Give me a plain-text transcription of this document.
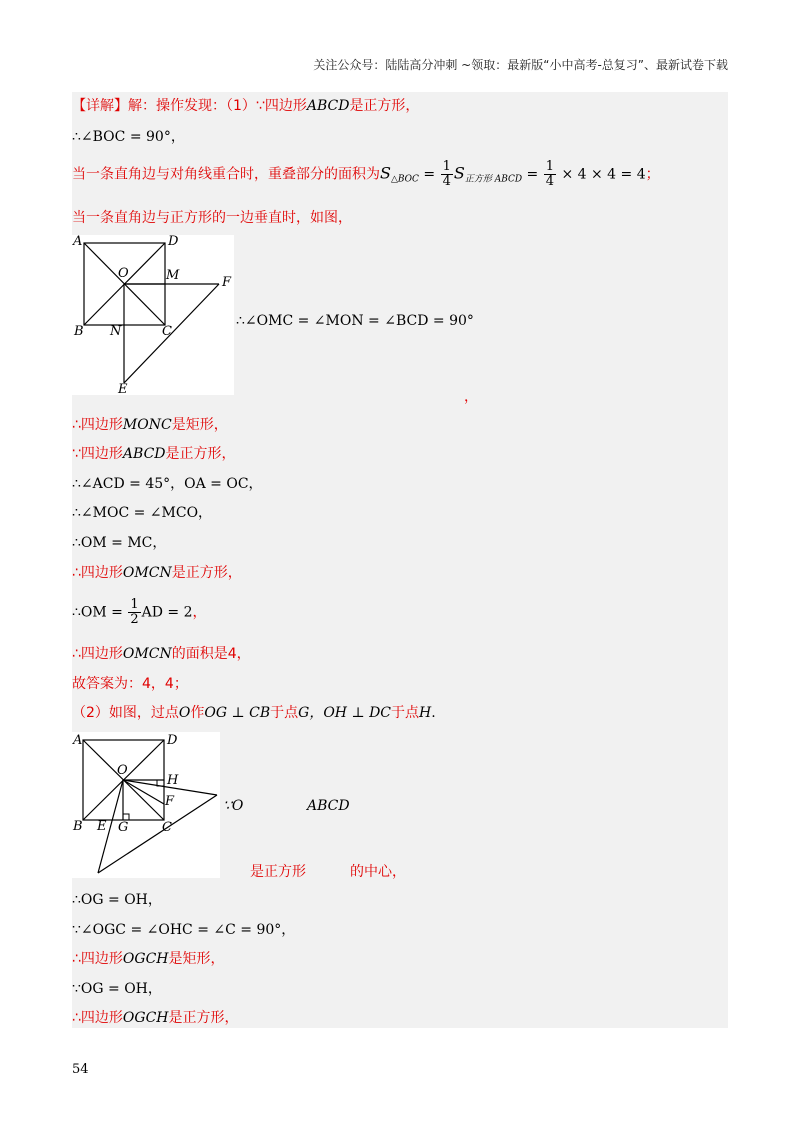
关注公众号：陆陆高分冲刺 ~领取：最新版“小中高考-总复习”、最新试卷下载
【详解】解：操作发现：（1）∵四边形ABCD是正方形，
∴∠BOC = 90°，
当一条直角边与对角线重合时，重叠部分的面积为$S_{\triangle BOC} = \frac{1}{4} S_{正方形 ABCD} = \frac{1}{4} \times 4 \times 4 = 4$；
当一条直角边与正方形的一边垂直时，如图，
A	D
O	M	F
B N	C
E
∴∠OMC = ∠MON = ∠BCD = 90°
，
∴四边形MONC是矩形，
∵四边形ABCD是正方形，
∴∠ACD = 45°，OA = OC，
∴∠MOC = ∠MCO，
∴OM = MC，
∴四边形OMCN是正方形，
∴OM = $\frac{1}{2}$ AD = 2，
∴四边形OMCN的面积是4，
故答案为：4，4；
（2）如图，过点O作OG ⊥ CB于点G，OH ⊥ DC于点H.
A	D
O
H
F
B E G	C
∵O	ABCD
是正方形	的中心，
∴OG = OH，
∵∠OGC = ∠OHC = ∠C = 90°，
∴四边形OGCH是矩形，
∵OG = OH，
∴四边形OGCH是正方形，
54
